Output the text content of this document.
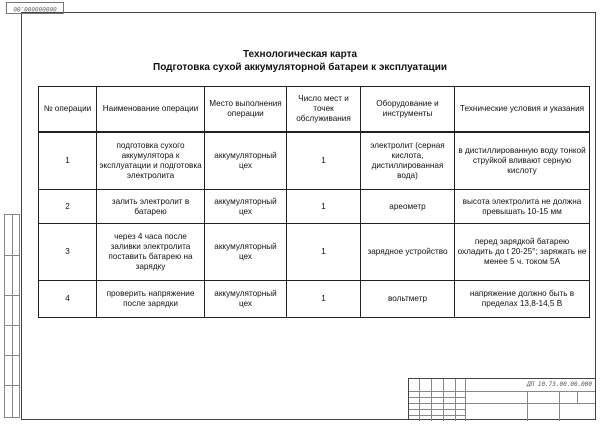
000000000.00
Технологическая карта
Подготовка сухой аккумуляторной батареи к эксплуатации
№ операции	Наименование операции	Место выполнения операции	Число мест и точек обслуживания	Оборудование и инструменты	Технические условия и указания
1	подготовка сухого аккумулятора к эксплуатации и подготовка электролита	аккумуляторный цех	1	электролит (серная кислота, дистиллированная вода)	в дистиллированную воду тонкой струйкой вливают серную кислоту
2	залить электролит в батарею	аккумуляторный цех	1	ареометр	высота электролита не должна превышать 10-15 мм
3	через 4 часа после заливки электролита поставить батарею на зарядку	аккумуляторный цех	1	зарядное устройство	перед зарядкой батарею охладить до t 20-25°; заряжать не менее 5 ч. током 5А
4	проверить напряжение после зарядки	аккумуляторный цех	1	вольтметр	напряжение должно быть в пределах 13,8-14,5 В
ДП 10.73.00.00.000
